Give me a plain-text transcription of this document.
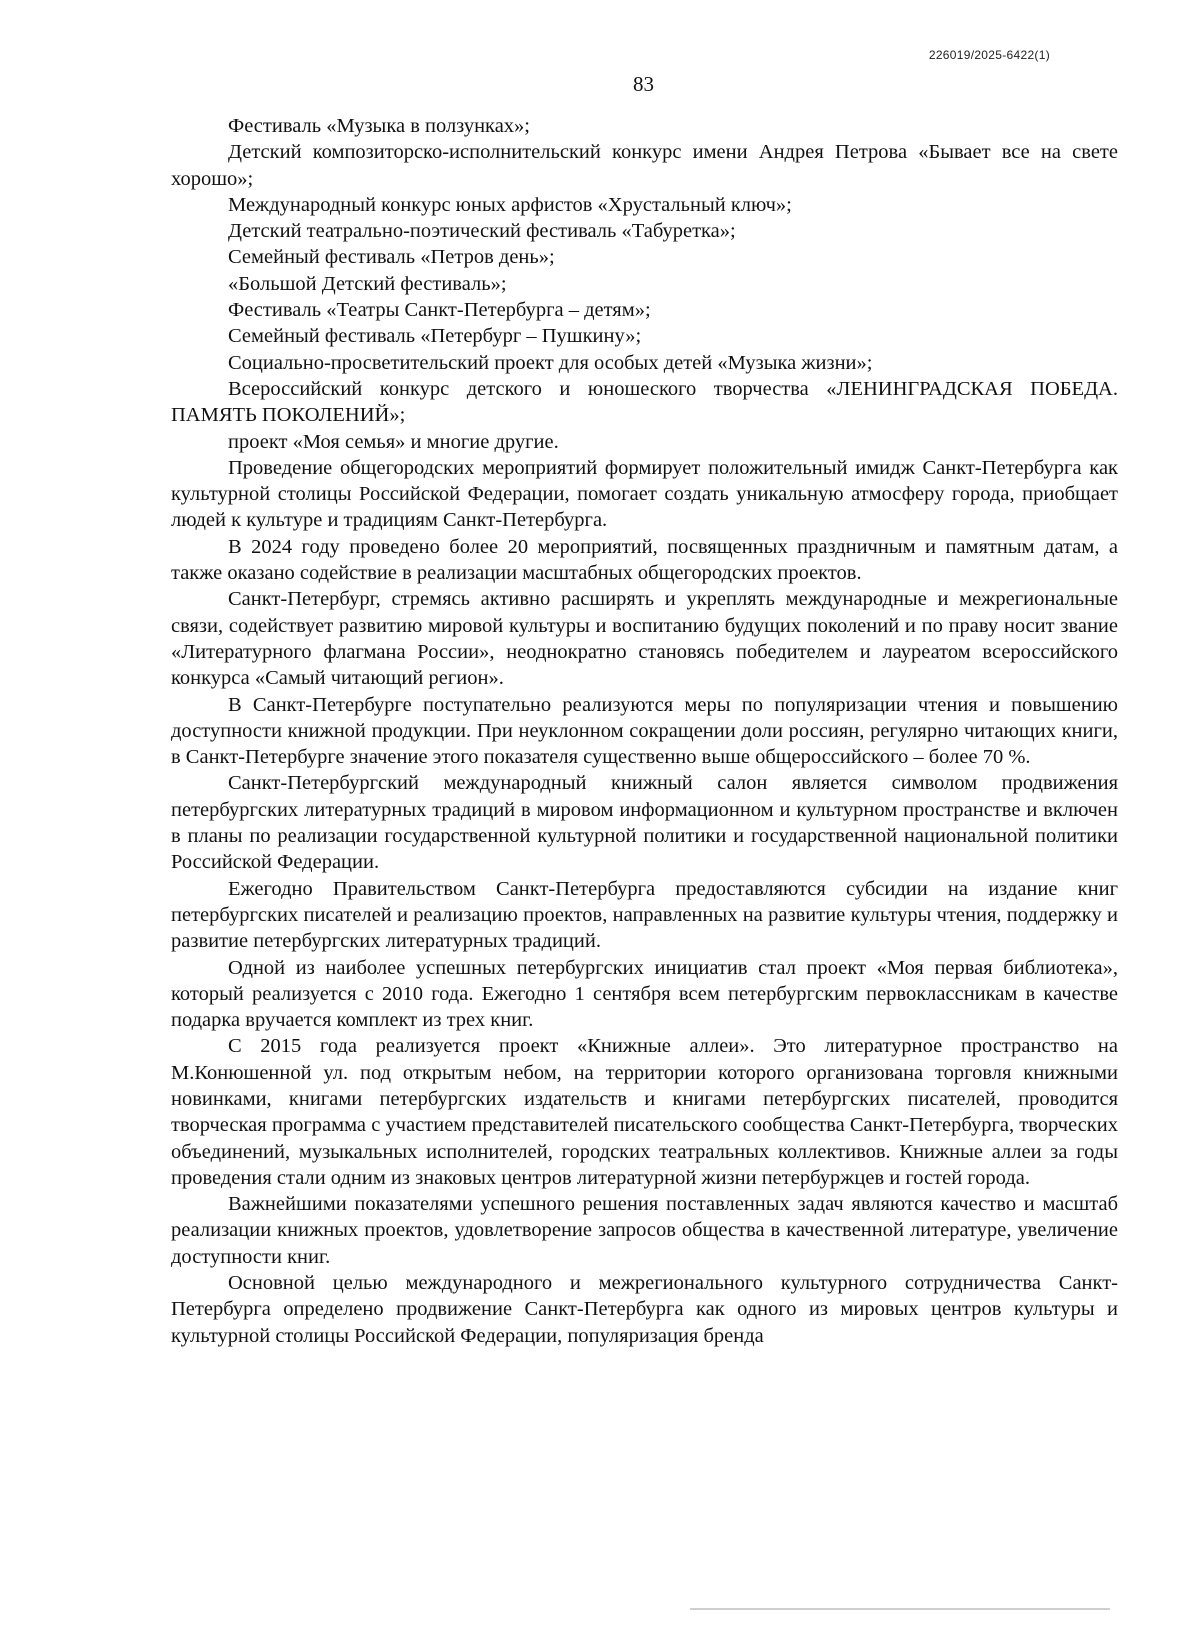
226019/2025-6422(1)
83

Фестиваль «Музыка в ползунках»;

Детский композиторско-исполнительский конкурс имени Андрея Петрова «Бывает все на свете хорошо»;

Международный конкурс юных арфистов «Хрустальный ключ»;

Детский театрально-поэтический фестиваль «Табуретка»;

Семейный фестиваль «Петров день»;

«Большой Детский фестиваль»;

Фестиваль «Театры Санкт-Петербурга – детям»;

Семейный фестиваль «Петербург – Пушкину»;

Социально-просветительский проект для особых детей «Музыка жизни»;

Всероссийский конкурс детского и юношеского творчества «ЛЕНИНГРАДСКАЯ ПОБЕДА. ПАМЯТЬ ПОКОЛЕНИЙ»;

проект «Моя семья» и многие другие.

Проведение общегородских мероприятий формирует положительный имидж Санкт-Петербурга как культурной столицы Российской Федерации, помогает создать уникальную атмосферу города, приобщает людей к культуре и традициям Санкт-Петербурга.

В 2024 году проведено более 20 мероприятий, посвященных праздничным и памятным датам, а также оказано содействие в реализации масштабных общегородских проектов.

Санкт-Петербург, стремясь активно расширять и укреплять международные и межрегиональные связи, содействует развитию мировой культуры и воспитанию будущих поколений и по праву носит звание «Литературного флагмана России», неоднократно становясь победителем и лауреатом всероссийского конкурса «Самый читающий регион».

В Санкт-Петербурге поступательно реализуются меры по популяризации чтения и повышению доступности книжной продукции. При неуклонном сокращении доли россиян, регулярно читающих книги, в Санкт-Петербурге значение этого показателя существенно выше общероссийского – более 70 %.

Санкт-Петербургский международный книжный салон является символом продвижения петербургских литературных традиций в мировом информационном и культурном пространстве и включен в планы по реализации государственной культурной политики и государственной национальной политики Российской Федерации.

Ежегодно Правительством Санкт-Петербурга предоставляются субсидии на издание книг петербургских писателей и реализацию проектов, направленных на развитие культуры чтения, поддержку и развитие петербургских литературных традиций.

Одной из наиболее успешных петербургских инициатив стал проект «Моя первая библиотека», который реализуется с 2010 года. Ежегодно 1 сентября всем петербургским первоклассникам в качестве подарка вручается комплект из трех книг.

С 2015 года реализуется проект «Книжные аллеи». Это литературное пространство на М.Конюшенной ул. под открытым небом, на территории которого организована торговля книжными новинками, книгами петербургских издательств и книгами петербургских писателей, проводится творческая программа с участием представителей писательского сообщества Санкт-Петербурга, творческих объединений, музыкальных исполнителей, городских театральных коллективов. Книжные аллеи за годы проведения стали одним из знаковых центров литературной жизни петербуржцев и гостей города.

Важнейшими показателями успешного решения поставленных задач являются качество и масштаб реализации книжных проектов, удовлетворение запросов общества в качественной литературе, увеличение доступности книг.

Основной целью международного и межрегионального культурного сотрудничества Санкт-Петербурга определено продвижение Санкт-Петербурга как одного из мировых центров культуры и культурной столицы Российской Федерации, популяризация бренда
